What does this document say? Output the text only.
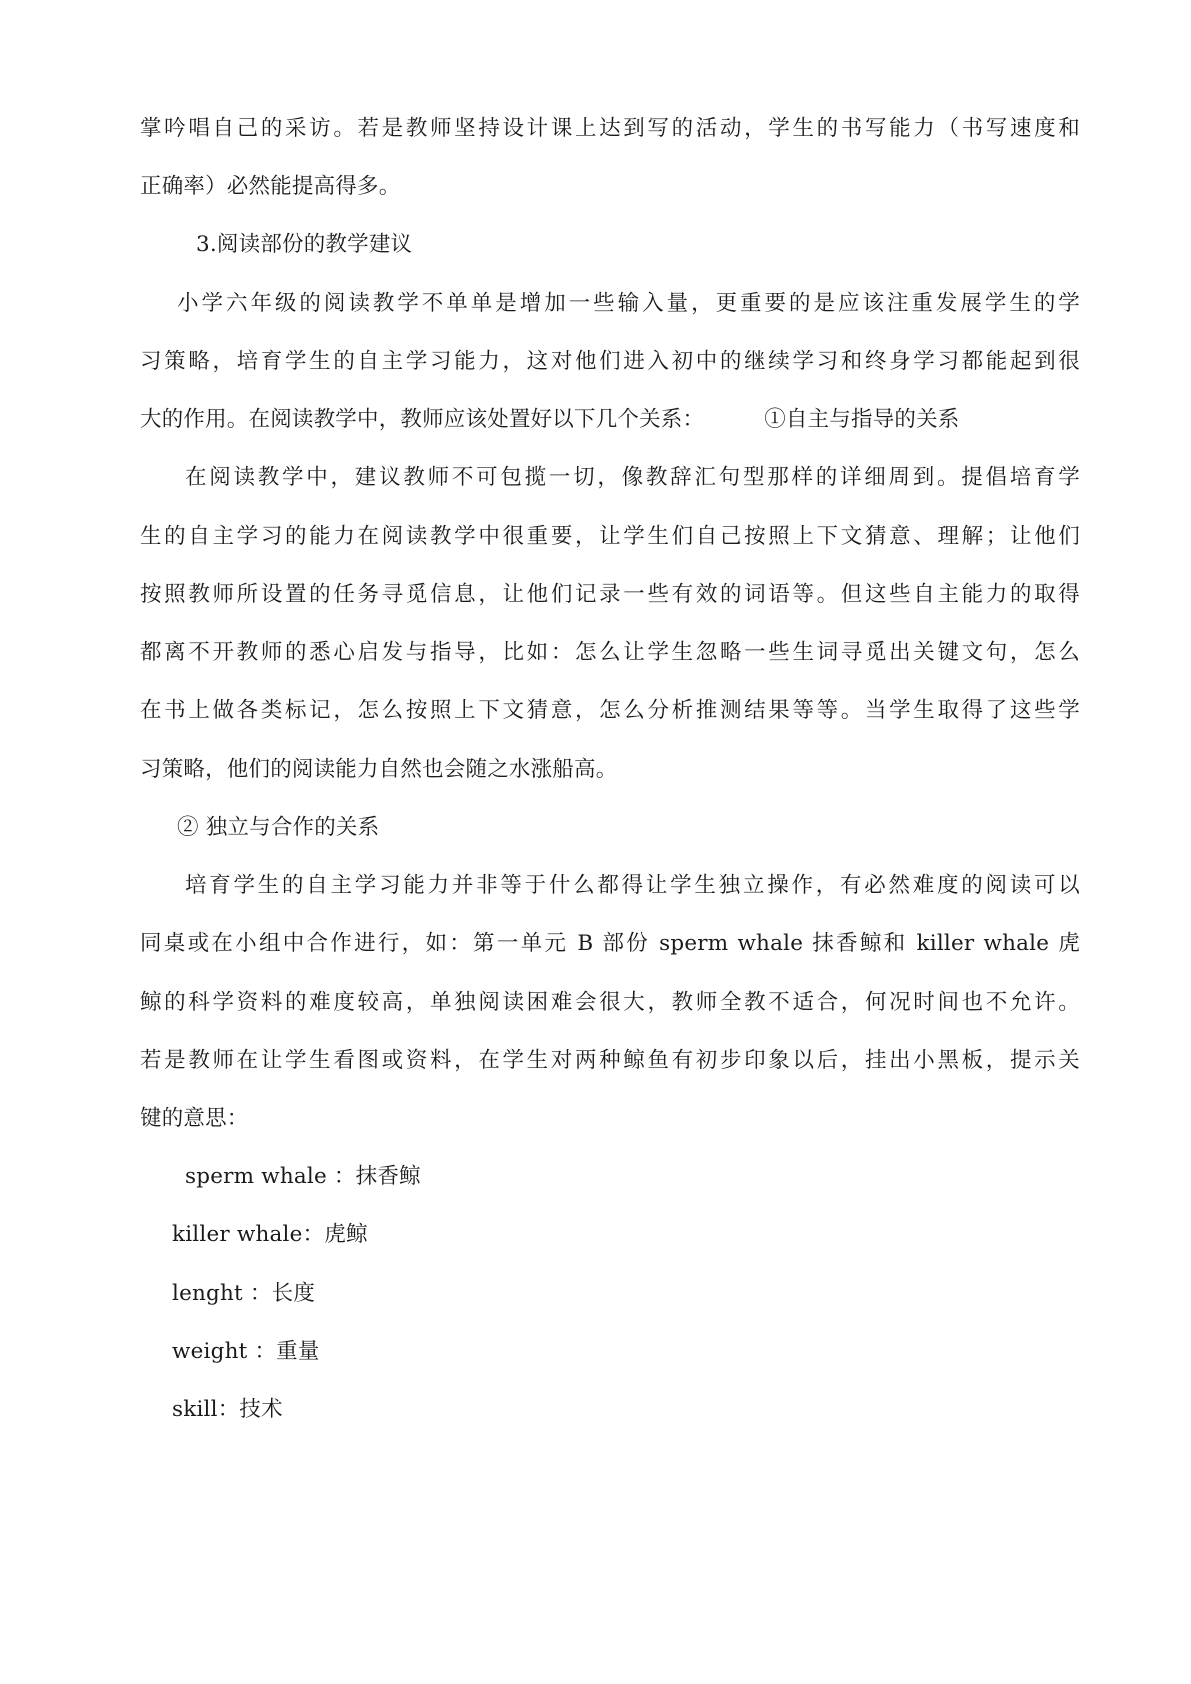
掌吟唱自己的采访。若是教师坚持设计课上达到写的活动，学生的书写能力（书写速度和
正确率）必然能提高得多。
3.阅读部份的教学建议
小学六年级的阅读教学不单单是增加一些输入量，更重要的是应该注重发展学生的学
习策略，培育学生的自主学习能力，这对他们进入初中的继续学习和终身学习都能起到很
大的作用。在阅读教学中，教师应该处置好以下几个关系：	①自主与指导的关系
在阅读教学中，建议教师不可包揽一切，像教辞汇句型那样的详细周到。提倡培育学
生的自主学习的能力在阅读教学中很重要，让学生们自己按照上下文猜意、理解；让他们
按照教师所设置的任务寻觅信息，让他们记录一些有效的词语等。但这些自主能力的取得
都离不开教师的悉心启发与指导，比如：怎么让学生忽略一些生词寻觅出关键文句，怎么
在书上做各类标记，怎么按照上下文猜意，怎么分析推测结果等等。当学生取得了这些学
习策略，他们的阅读能力自然也会随之水涨船高。
② 独立与合作的关系
培育学生的自主学习能力并非等于什么都得让学生独立操作，有必然难度的阅读可以
同桌或在小组中合作进行，如：第一单元 B 部份 sperm whale 抹香鲸和 killer whale 虎
鲸的科学资料的难度较高，单独阅读困难会很大，教师全教不适合，何况时间也不允许。
若是教师在让学生看图或资料，在学生对两种鲸鱼有初步印象以后，挂出小黑板，提示关
键的意思：
sperm whale ：抹香鲸
killer whale：虎鲸
lenght ：长度
weight ：重量
skill：技术
